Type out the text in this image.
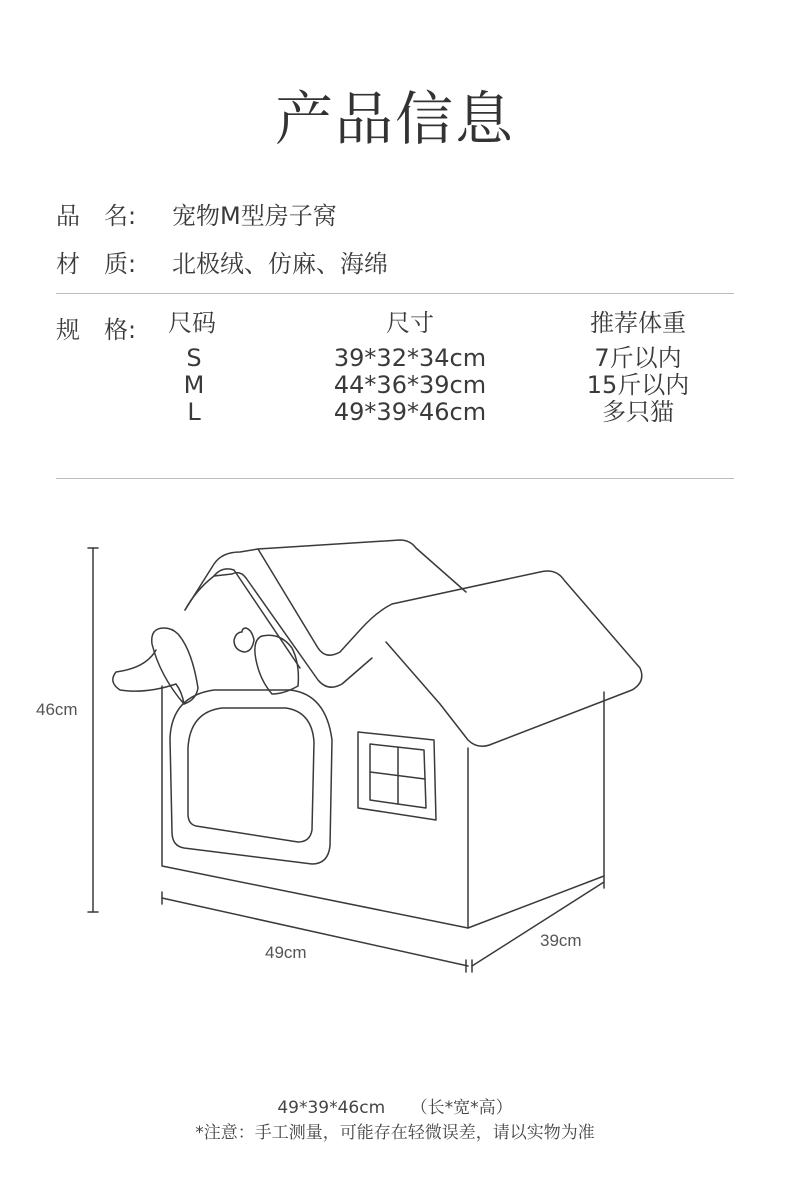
产品信息
品　名:	宠物M型房子窝
材　质:	北极绒、仿麻、海绵
规　格: 尺码
S
M
L
尺寸
39*32*34cm
44*36*39cm
49*39*46cm
推荐体重
7斤以内
15斤以内
多只猫
46cm
49cm
39cm
49*39*46cm　　（长*宽*高）
*注意：手工测量，可能存在轻微误差，请以实物为准
